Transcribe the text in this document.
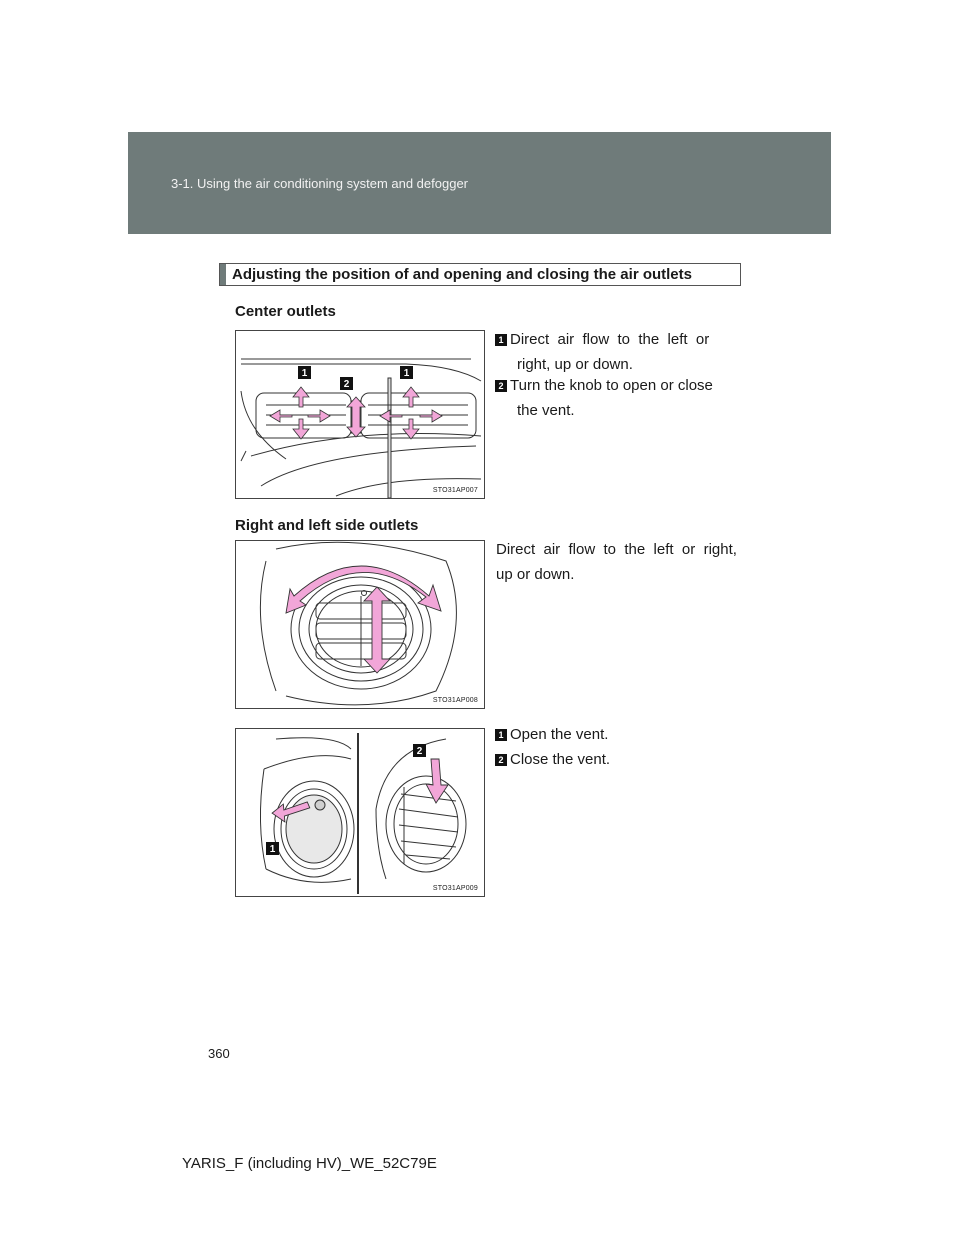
3-1. Using the air conditioning system and defogger
Adjusting the position of and opening and closing the air outlets
Center outlets
1
2
1
STO31AP007
1 Direct  air  flow  to  the  left  or
right, up or down.
2 Turn the knob to open or close
the vent.
Right and left side outlets
STO31AP008
Direct  air  flow  to  the  left  or  right,
up or down.
1
2
STO31AP009
1 Open the vent.
2 Close the vent.
360
YARIS_F (including HV)_WE_52C79E
